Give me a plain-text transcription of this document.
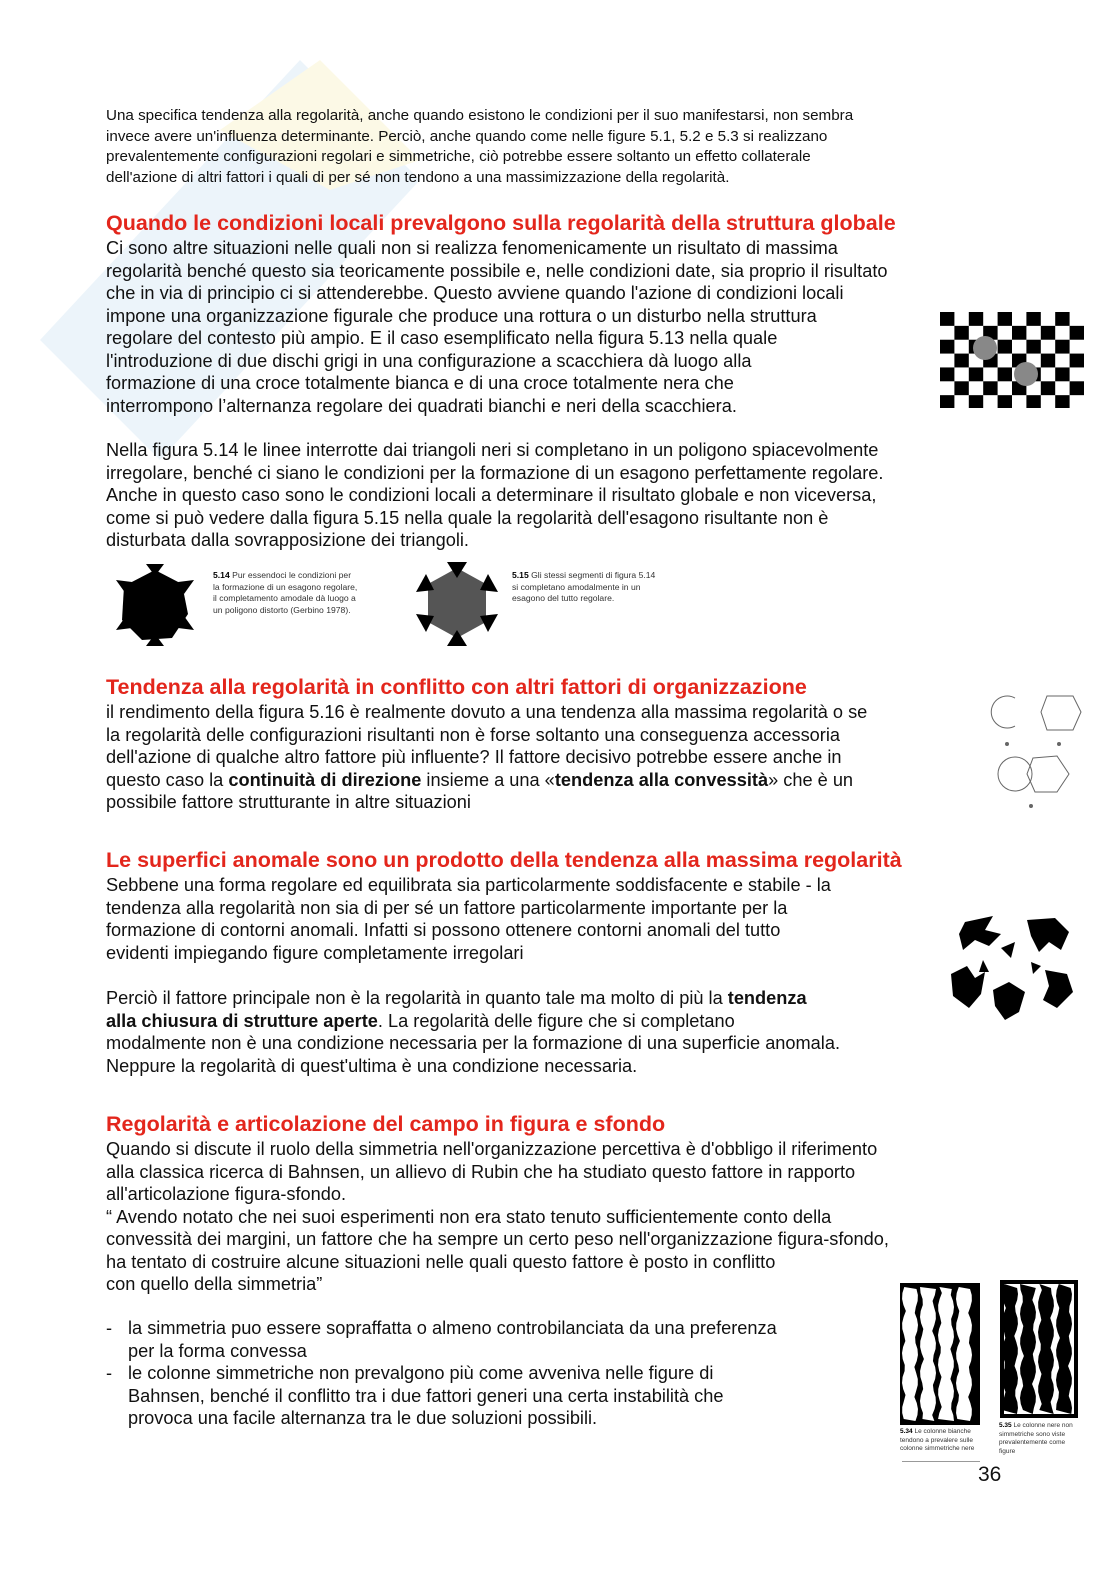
Una specifica tendenza alla regolarità, anche quando esistono le condizioni per il suo manifestarsi, non sembra
invece avere un'influenza determinante. Perciò, anche quando come nelle figure 5.1, 5.2 e 5.3 si realizzano
prevalentemente configurazioni regolari e simmetriche, ciò potrebbe essere soltanto un effetto collaterale
dell'azione di altri fattori i quali di per sé non tendono a una massimizzazione della regolarità.
Quando le condizioni locali prevalgono sulla regolarità della struttura globale
Ci sono altre situazioni nelle quali non si realizza fenomenicamente un risultato di massima
regolarità benché questo sia teoricamente possibile e, nelle condizioni date, sia proprio il risultato
che in via di principio ci si attenderebbe. Questo avviene quando l'azione di condizioni locali
impone una organizzazione figurale che produce una rottura o un disturbo nella struttura
regolare del contesto più ampio. E il caso esemplificato nella figura 5.13 nella quale
l'introduzione di due dischi grigi in una configurazione a scacchiera dà luogo alla
formazione di una croce totalmente bianca e di una croce totalmente nera che
interrompono l’alternanza regolare dei quadrati bianchi e neri della scacchiera.
Nella figura 5.14 le linee interrotte dai triangoli neri si completano in un poligono spiacevolmente
irregolare, benché ci siano le condizioni per la formazione di un esagono perfettamente regolare.
Anche in questo caso sono le condizioni locali a determinare il risultato globale e non viceversa,
come si può vedere dalla figura 5.15 nella quale la regolarità dell'esagono risultante non è
disturbata dalla sovrapposizione dei triangoli.
5.14 Pur essendoci le condizioni per
la formazione di un esagono regolare,
il completamento amodale dà luogo a
un poligono distorto (Gerbino 1978).
5.15 Gli stessi segmenti di figura 5.14
si completano amodalmente in un
esagono del tutto regolare.
Tendenza alla regolarità in conflitto con altri fattori di organizzazione
il rendimento della figura 5.16 è realmente dovuto a una tendenza alla massima regolarità o se
la regolarità delle configurazioni risultanti non è forse soltanto una conseguenza accessoria
dell'azione di qualche altro fattore più influente? Il fattore decisivo potrebbe essere anche in
questo caso la continuità di direzione insieme a una «tendenza alla convessità» che è un
possibile fattore strutturante in altre situazioni
Le superfici anomale sono un prodotto della tendenza alla massima regolarità
Sebbene una forma regolare ed equilibrata sia particolarmente soddisfacente e stabile - la
tendenza alla regolarità non sia di per sé un fattore particolarmente importante per la
formazione di contorni anomali. Infatti si possono ottenere contorni anomali del tutto
evidenti impiegando figure completamente irregolari
Perciò il fattore principale non è la regolarità in quanto tale ma molto di più la tendenza
alla chiusura di strutture aperte. La regolarità delle figure che si completano
modalmente non è una condizione necessaria per la formazione di una superficie anomala.
Neppure la regolarità di quest'ultima è una condizione necessaria.
Regolarità e articolazione del campo in figura e sfondo
Quando si discute il ruolo della simmetria nell'organizzazione percettiva è d'obbligo il riferimento
alla classica ricerca di Bahnsen, un allievo di Rubin che ha studiato questo fattore in rapporto
all'articolazione figura-sfondo.
“ Avendo notato che nei suoi esperimenti non era stato tenuto sufficientemente conto della
convessità dei margini, un fattore che ha sempre un certo peso nell'organizzazione figura-sfondo,
ha tentato di costruire alcune situazioni nelle quali questo fattore è posto in conflitto
con quello della simmetria”
- la simmetria puo essere sopraffatta o almeno controbilanciata da una preferenza
per la forma convessa
- le colonne simmetriche non prevalgono più come avveniva nelle figure di
Bahnsen, benché il conflitto tra i due fattori generi una certa instabilità che
provoca una facile alternanza tra le due soluzioni possibili.
5.34 Le colonne bianche
tendono a prevalere sulle
colonne simmetriche nere
5.35 Le colonne nere non
simmetriche sono viste
prevalentemente come
figure
36
